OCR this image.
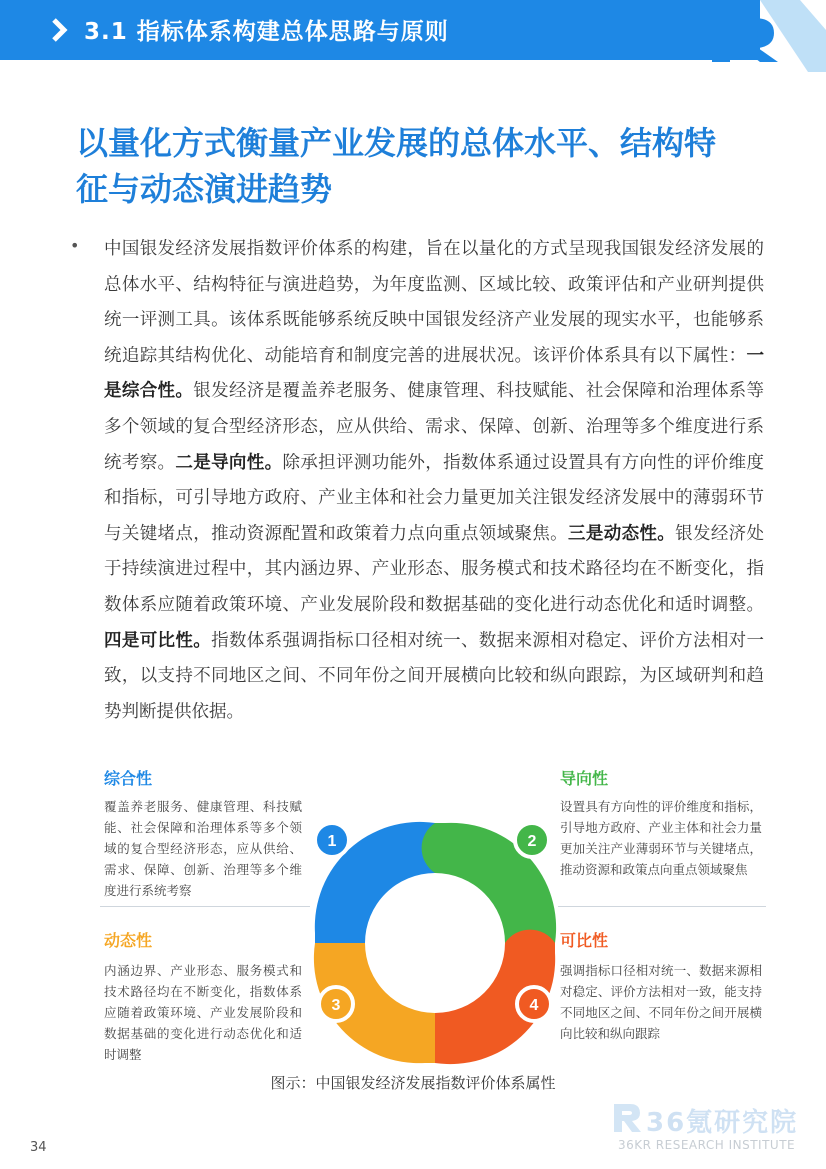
3.1 指标体系构建总体思路与原则
以量化方式衡量产业发展的总体水平、结构特
征与动态演进趋势
• 中国银发经济发展指数评价体系的构建，旨在以量化的方式呈现我国银发经济发展的总体水平、结构特征与演进趋势，为年度监测、区域比较、政策评估和产业研判提供统一评测工具。该体系既能够系统反映中国银发经济产业发展的现实水平，也能够系统追踪其结构优化、动能培育和制度完善的进展状况。该评价体系具有以下属性：一是综合性。银发经济是覆盖养老服务、健康管理、科技赋能、社会保障和治理体系等多个领域的复合型经济形态，应从供给、需求、保障、创新、治理等多个维度进行系统考察。二是导向性。除承担评测功能外，指数体系通过设置具有方向性的评价维度和指标，可引导地方政府、产业主体和社会力量更加关注银发经济发展中的薄弱环节与关键堵点，推动资源配置和政策着力点向重点领域聚焦。三是动态性。银发经济处于持续演进过程中，其内涵边界、产业形态、服务模式和技术路径均在不断变化，指数体系应随着政策环境、产业发展阶段和数据基础的变化进行动态优化和适时调整。四是可比性。指数体系强调指标口径相对统一、数据来源相对稳定、评价方法相对一致，以支持不同地区之间、不同年份之间开展横向比较和纵向跟踪，为区域研判和趋势判断提供依据。

综合性
覆盖养老服务、健康管理、科技赋能、社会保障和治理体系等多个领域的复合型经济形态，应从供给、需求、保障、创新、治理等多个维度进行系统考察
导向性
设置具有方向性的评价维度和指标，引导地方政府、产业主体和社会力量更加关注产业薄弱环节与关键堵点，推动资源和政策点向重点领域聚焦
动态性
内涵边界、产业形态、服务模式和技术路径均在不断变化，指数体系应随着政策环境、产业发展阶段和数据基础的变化进行动态优化和适时调整
可比性
强调指标口径相对统一、数据来源相对稳定、评价方法相对一致，能支持不同地区之间、不同年份之间开展横向比较和纵向跟踪
1	2
3	4
图示：中国银发经济发展指数评价体系属性
34
36氪研究院
36KR RESEARCH INSTITUTE
